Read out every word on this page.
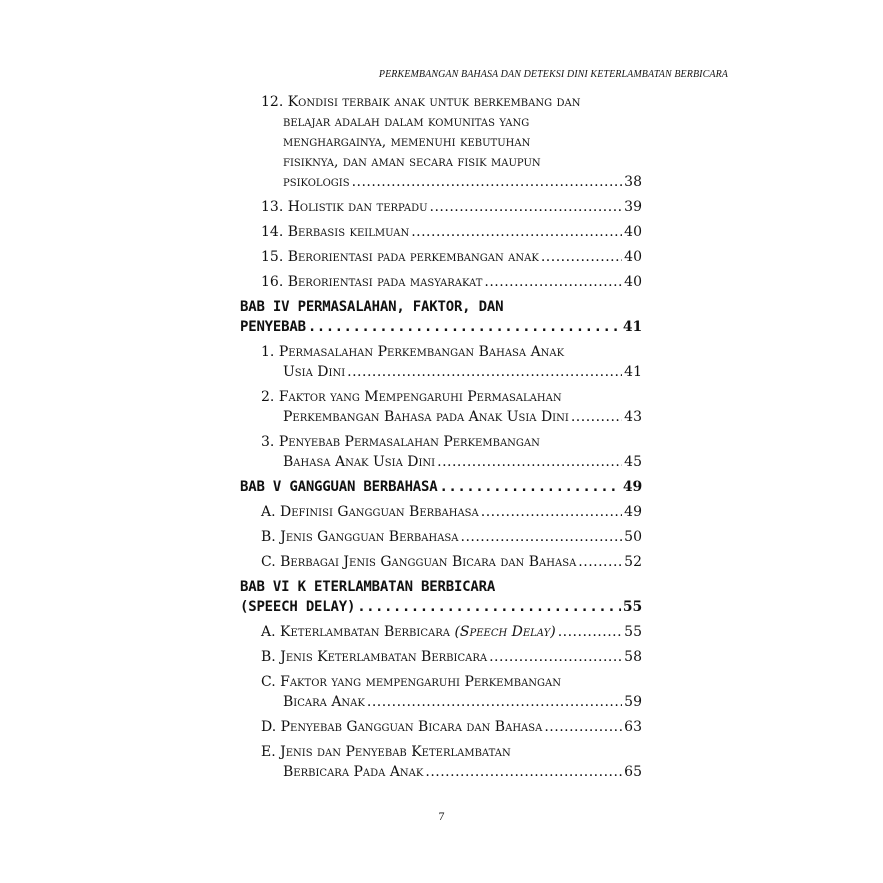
PERKEMBANGAN BAHASA DAN DETEKSI DINI KETERLAMBATAN BERBICARA
12. Kondisi terbaik anak untuk berkembang dan
belajar adalah dalam komunitas yang
menghargainya, memenuhi kebutuhan
fisiknya, dan aman secara fisik maupun
psikologis .....	38
13. Holistik dan terpadu .....	39
14. Berbasis keilmuan .....	40
15. Berorientasi pada perkembangan anak .....	40
16. Berorientasi pada masyarakat .....	40
BAB IV PERMASALAHAN, FAKTOR, DAN
PENYEBAB .....	41
1. Permasalahan Perkembangan Bahasa Anak
Usia Dini .....	41
2. Faktor yang Mempengaruhi Permasalahan
Perkembangan Bahasa pada Anak Usia Dini .....	43
3. Penyebab Permasalahan Perkembangan
Bahasa Anak Usia Dini .....	45
BAB V GANGGUAN BERBAHASA .....	49
A. Definisi Gangguan Berbahasa .....	49
B. Jenis Gangguan Berbahasa .....	50
C. Berbagai Jenis Gangguan Bicara dan Bahasa .....	52
BAB VI K ETERLAMBATAN BERBICARA
(SPEECH DELAY) .....	55
A. Keterlambatan Berbicara (Speech Delay) .....	55
B. Jenis Keterlambatan Berbicara .....	58
C. Faktor yang mempengaruhi Perkembangan
Bicara Anak .....	59
D. Penyebab Gangguan Bicara dan Bahasa .....	63
E. Jenis dan Penyebab Keterlambatan
Berbicara Pada Anak .....	65
7
